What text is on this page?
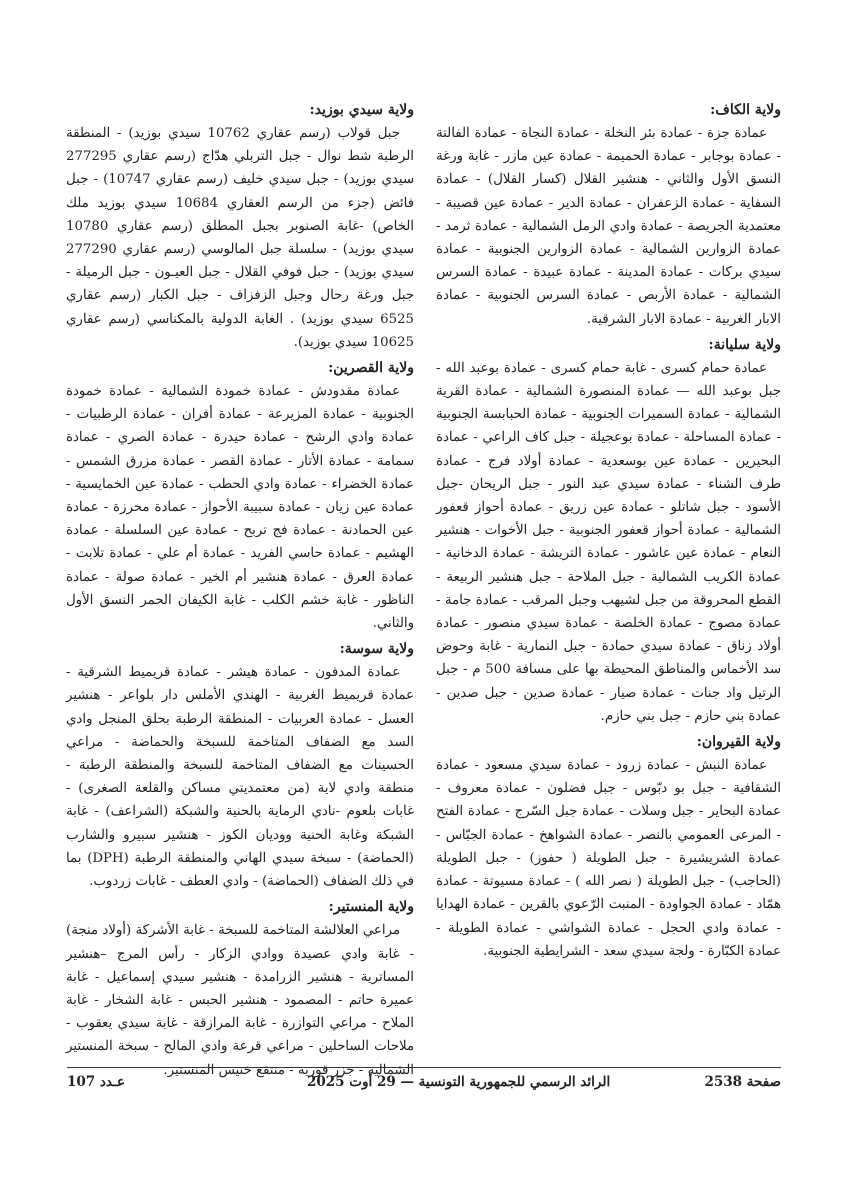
ولاية الكاف:

عمادة جزة - عمادة بئر النخلة - عمادة النجاة - عمادة الفالتة - عمادة بوجابر - عمادة الحميمة - عمادة عين مازر - غابة ورغة النسق الأول والثاني - هنشير القلال (كسار القلال) - عمادة السفاية - عمادة الزعفران - عمادة الدير - عمادة عين قصيبة - معتمدية الجريصة - عمادة وادي الرمل الشمالية - عمادة ثرمد - عمادة الزوارين الشمالية - عمادة الزوارين الجنوبية - عمادة سيدي بركات - عمادة المدينة - عمادة عبيدة - عمادة السرس الشمالية - عمادة الأربص - عمادة السرس الجنوبية - عمادة الابار الغربية - عمادة الابار الشرقية.

ولاية سليانة:

عمادة حمام كسرى - غابة حمام كسرى - عمادة بوعبد الله - جبل بوعبد الله — عمادة المنصورة الشمالية - عمادة القرية الشمالية - عمادة السميرات الجنوبية - عمادة الحبابسة الجنوبية - عمادة المساحلة - عمادة بوعجيلة - جبل كاف الراعي - عمادة البحيرين - عمادة عين بوسعدية - عمادة أولاد فرج - عمادة طرف الشناء - عمادة سيدي عبد النور - جبل الريحان -جبل الأسود - جبل شاتلو - عمادة عين زريق - عمادة أحواز قعفور الشمالية - عمادة أحواز قعفور الجنوبية - جبل الأخوات - هنشير النعام - عمادة عين عاشور - عمادة التريشة - عمادة الدخانية - عمادة الكريب الشمالية - جبل الملاحة - جبل هنشير الربيعة - القطع المحروقة من جبل لشيهب وجبل المرقب - عمادة جامة - عمادة مصوج - عمادة الخلصة - عمادة سيدي منصور - عمادة أولاد زناق - عمادة سيدي حمادة - جبل النمارية - غابة وحوض سد الأخماس والمناطق المحيطة بها على مسافة 500 م - جبل الرتيل واد جنات - عمادة صيار - عمادة صدين - جبل صدين - عمادة بني حازم - جبل بني حازم.

ولاية القيروان:

عمادة النبش - عمادة زرود - عمادة سيدي مسعود - عمادة الشقافية - جبل بو دبّوس - جبل فضلون - عمادة معروف - عمادة البحاير - جبل وسلات - عمادة جبل السّرج - عمادة الفتح - المرعى العمومي بالنصر - عمادة الشواهخ - عمادة الجبّاس - عمادة الشريشيرة - جبل الطويلة ( حفوز) - جبل الطويلة (الحاجب) - جبل الطويلة ( نصر الله ) - عمادة مسيوتة - عمادة همّاد - عمادة الجواودة - المنبت الرّعوي بالقرين - عمادة الهدايا - عمادة وادي الحجل - عمادة الشواشي - عمادة الطويلة - عمادة الكبّارة - ولجة سيدي سعد - الشرايطية الجنوبية.

ولاية سيدي بوزيد:

جبل قولاب (رسم عقاري 10762 سيدي بوزيد) - المنطقة الرطبة شط نوال - جبل التربلي هدّاج (رسم عقاري 277295 سيدي بوزيد) - جبل سيدي خليف (رسم عقاري 10747) - جبل فائض (جزء من الرسم العقاري 10684 سيدي بوزيد ملك الخاص) -غابة الصنوبر بجبل المطلق (رسم عقاري 10780 سيدي بوزيد) - سلسلة جبل المالوسي (رسم عقاري 277290 سيدي بوزيد) - جبل فوفي القلال - جبل العيـون - جبل الرميلة - جبل ورغة رحال وجبل الزفزاف - جبل الكبار (رسم عقاري 6525 سيدي بوزيد) . الغابة الدولية بالمكناسي (رسم عقاري 10625 سيدي بوزيد).

ولاية القصرين:

عمادة مقدودش - عمادة خمودة الشمالية - عمادة خمودة الجنوبية - عمادة المزيرعة - عمادة أفران - عمادة الرطبيات - عمادة وادي الرشح - عمادة حيدرة - عمادة الصري - عمادة سمامة - عمادة الأتار - عمادة القصر - عمادة مزرق الشمس - عمادة الخضراء - عمادة وادي الحطب - عمادة عين الخمايسية - عمادة عين زيان - عمادة سبيبة الأحواز - عمادة محرزة - عمادة عين الحمادنة - عمادة فج تربح - عمادة عين السلسلة - عمادة الهشيم - عمادة حاسي الفريد - عمادة أم علي - عمادة تلابت - عمادة العرق - عمادة هنشير أم الخير - عمادة صولة - عمادة الناظور - غابة خشم الكلب - غابة الكيفان الحمر النسق الأول والثاني.

ولاية سوسة:

عمادة المدفون - عمادة هيشر - عمادة قريميط الشرقية - عمادة قريميط الغربية - الهندي الأملس دار بلواعر - هنشير العسل - عمادة العربيات - المنطقة الرطبة بحلق المنجل وادي السد مع الضفاف المتاخمة للسبخة والحماضة - مراعي الحسينات مع الضفاف المتاخمة للسبخة والمنطقة الرطبة - منطقة وادي لاية (من معتمديتي مساكن والقلعة الصغرى) - غابات بلعوم -نادي الرماية بالحنية والشبكة (الشراعف) - غابة الشبكة وغابة الحنية ووديان الكوز - هنشير سبيرو والشارب (الحماضة) - سبخة سيدي الهاني والمنطقة الرطبة (DPH) بما في ذلك الضفاف (الحماضة) - وادي العطف - غابات زردوب.

ولاية المنستير:

مراعي العلالشة المتاخمة للسبخة - غابة الأشركة (أولاد منجة) - غابة وادي عصيدة ووادي الزكار - رأس المرج –هنشير المساترية - هنشير الزرامدة - هنشير سيدي إسماعيل - غابة عميرة حاتم - المصمود - هنشير الحبس - غابة الشخار - غابة الملاح - مراعي التوازرة - غابة المرازقة - غابة سيدي يعقوب - ملاحات الساحلين - مراعي قرعة وادي المالح - سبخة المنستير الشمالية - جزر قورية - منتقع خنيس المنستير.

صفحة 2538
الرائد الرسمي للجمهورية التونسية — 29 أوت 2025
عـدد 107
